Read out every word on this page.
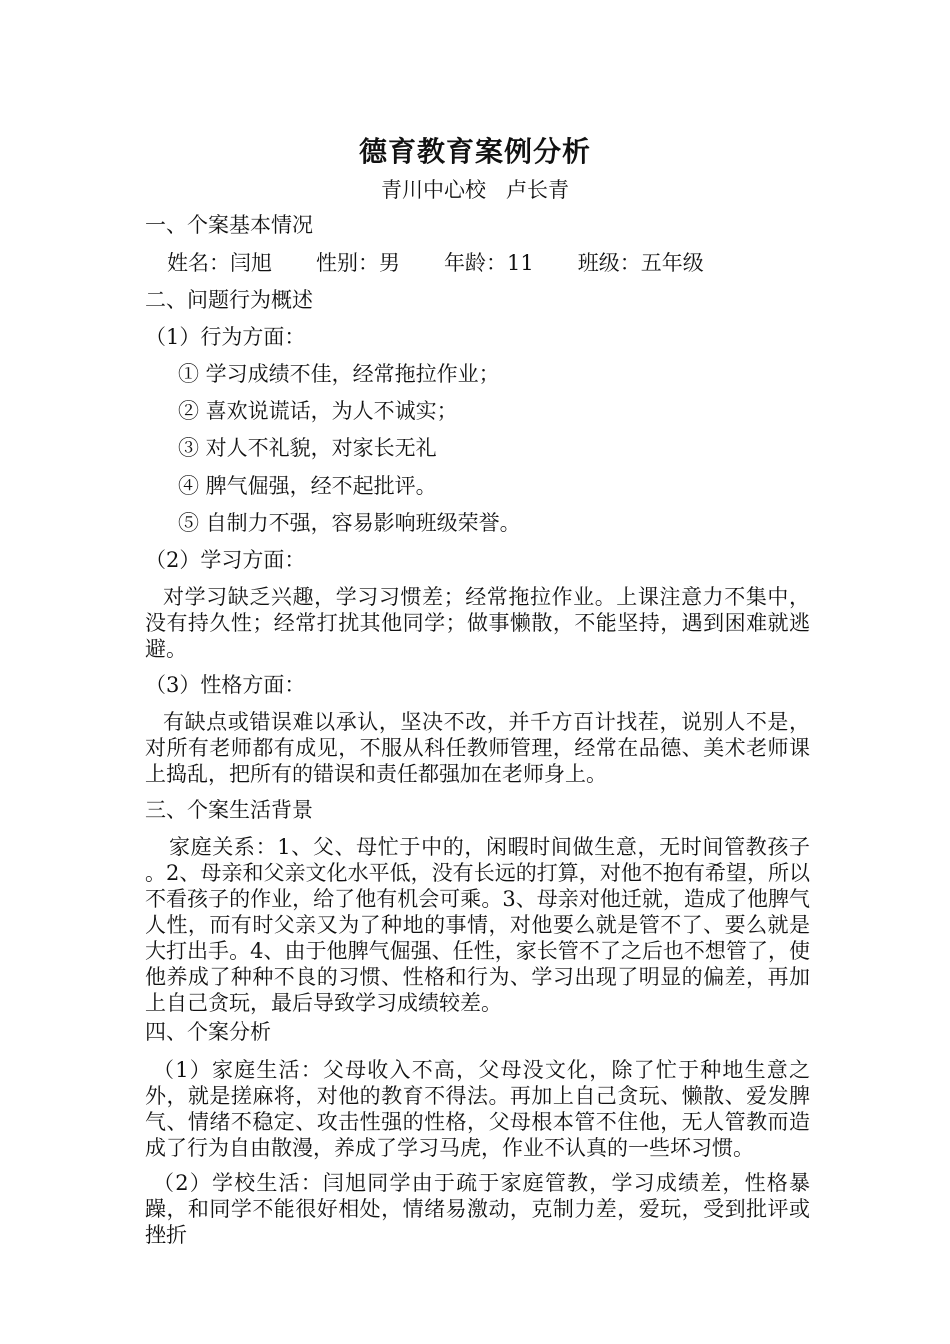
德育教育案例分析
青川中心校   卢长青
一、个案基本情况
姓名：闫旭 性别：男 年龄：11 班级：五年级
二、问题行为概述
（1）行为方面：
① 学习成绩不佳，经常拖拉作业；
② 喜欢说谎话，为人不诚实；
③ 对人不礼貌，对家长无礼
④ 脾气倔强，经不起批评。
⑤ 自制力不强，容易影响班级荣誉。
（2）学习方面：
对学习缺乏兴趣，学习习惯差；经常拖拉作业。上课注意力不集中，没有持久性；经常打扰其他同学；做事懒散，不能坚持，遇到困难就逃避。
（3）性格方面：
有缺点或错误难以承认，坚决不改，并千方百计找茬，说别人不是，对所有老师都有成见，不服从科任教师管理，经常在品德、美术老师课上捣乱，把所有的错误和责任都强加在老师身上。
三、个案生活背景
家庭关系：1、父、母忙于中的，闲暇时间做生意，无时间管教孩子 。2、母亲和父亲文化水平低，没有长远的打算，对他不抱有希望，所以不看孩子的作业，给了他有机会可乘。3、母亲对他迁就，造成了他脾气人性，而有时父亲又为了种地的事情，对他要么就是管不了、要么就是大打出手。4、由于他脾气倔强、任性，家长管不了之后也不想管了，使他养成了种种不良的习惯、性格和行为、学习出现了明显的偏差，再加上自己贪玩，最后导致学习成绩较差。
四、个案分析
（1）家庭生活：父母收入不高，父母没文化，除了忙于种地生意之外，就是搓麻将，对他的教育不得法。再加上自己贪玩、懒散、爱发脾气、情绪不稳定、攻击性强的性格，父母根本管不住他，无人管教而造成了行为自由散漫，养成了学习马虎，作业不认真的一些坏习惯。
（2）学校生活：闫旭同学由于疏于家庭管教，学习成绩差，性格暴躁，和同学不能很好相处，情绪易激动，克制力差，爱玩，受到批评或挫折
